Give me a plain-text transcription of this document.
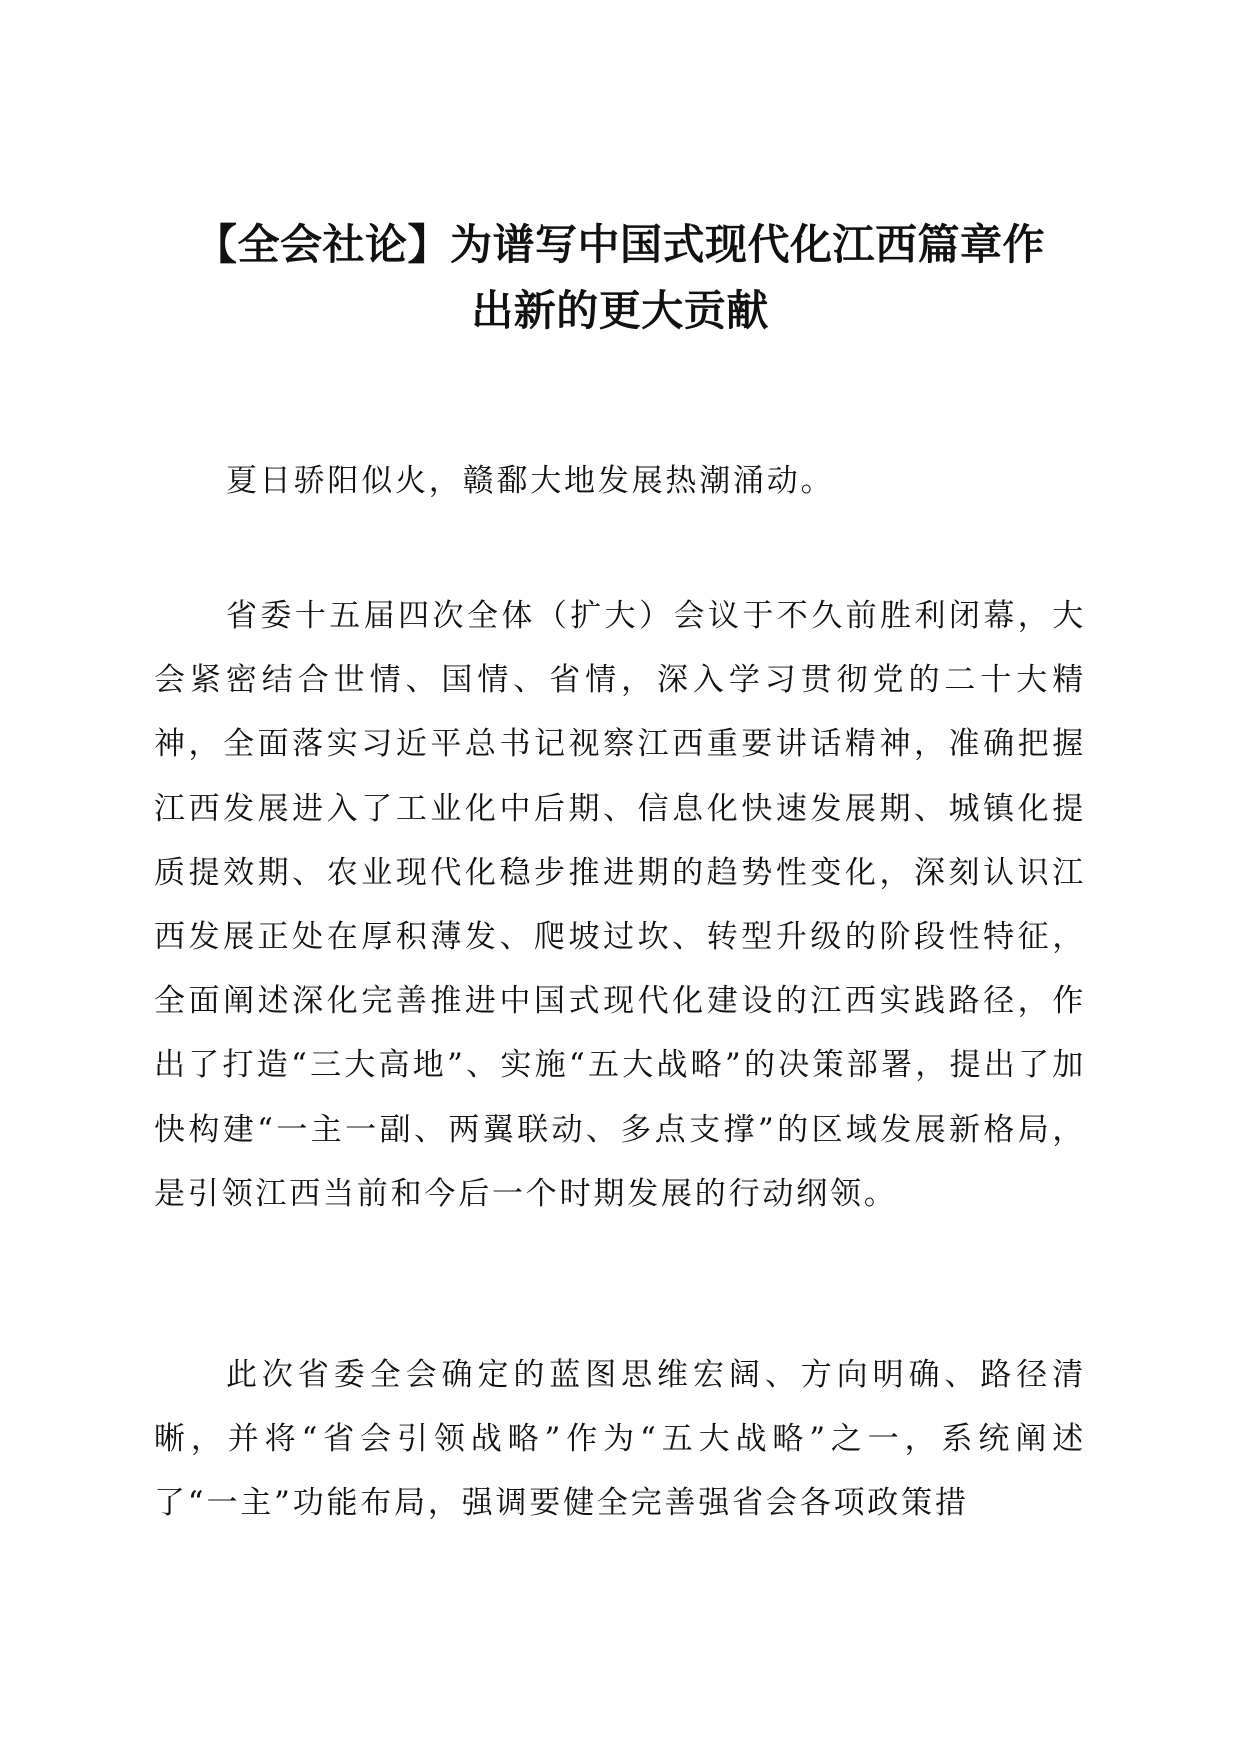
【全会社论】为谱写中国式现代化江西篇章作
出新的更大贡献

夏日骄阳似火，赣鄱大地发展热潮涌动。

省委十五届四次全体（扩大）会议于不久前胜利闭幕，大会紧密结合世情、国情、省情，深入学习贯彻党的二十大精神，全面落实习近平总书记视察江西重要讲话精神，准确把握江西发展进入了工业化中后期、信息化快速发展期、城镇化提质提效期、农业现代化稳步推进期的趋势性变化，深刻认识江西发展正处在厚积薄发、爬坡过坎、转型升级的阶段性特征，全面阐述深化完善推进中国式现代化建设的江西实践路径，作出了打造“三大高地”、实施“五大战略”的决策部署，提出了加快构建“一主一副、两翼联动、多点支撑”的区域发展新格局，是引领江西当前和今后一个时期发展的行动纲领。

此次省委全会确定的蓝图思维宏阔、方向明确、路径清晰，并将“省会引领战略”作为“五大战略”之一，系统阐述了“一主”功能布局，强调要健全完善强省会各项政策措
